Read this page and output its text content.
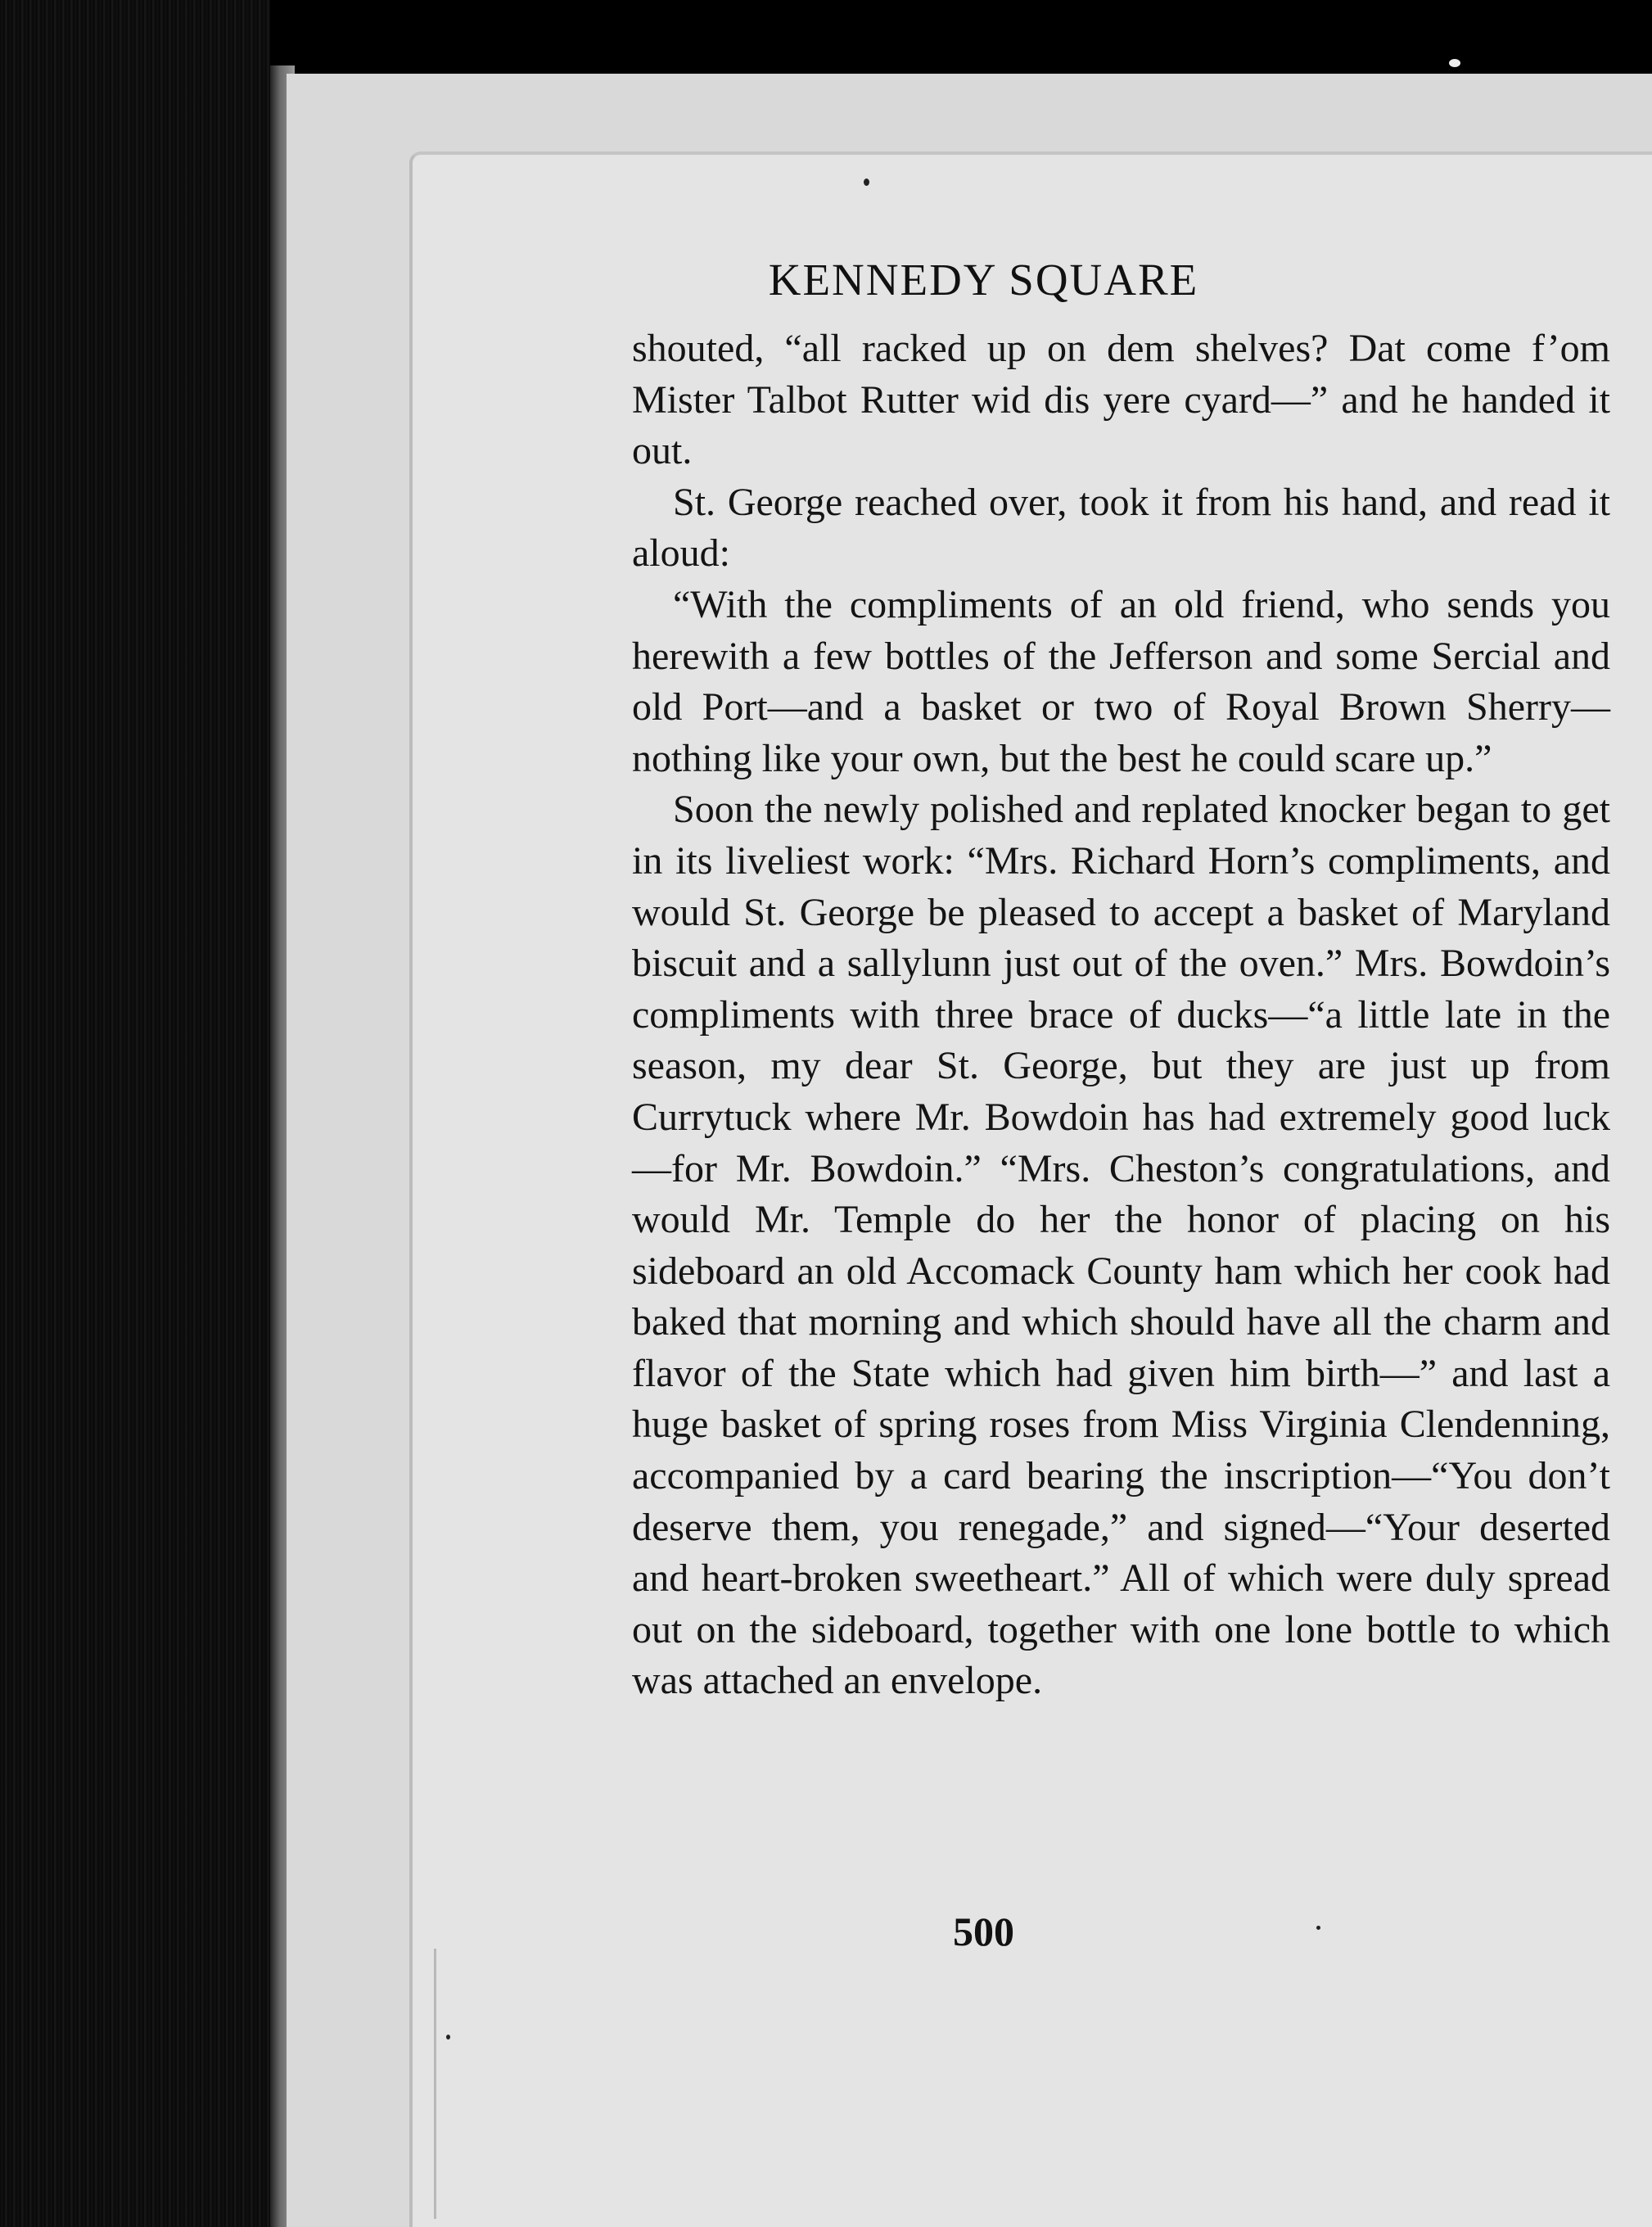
KENNEDY SQUARE

shouted, “all racked up on dem shelves? Dat come f’om Mister Talbot Rutter wid dis yere cyard—” and he handed it out.

St. George reached over, took it from his hand, and read it aloud:

“With the compliments of an old friend, who sends you herewith a few bottles of the Jefferson and some Sercial and old Port—and a basket or two of Royal Brown Sherry—nothing like your own, but the best he could scare up.”

Soon the newly polished and replated knocker began to get in its liveliest work: “Mrs. Richard Horn’s compliments, and would St. George be pleased to accept a basket of Maryland biscuit and a sallylunn just out of the oven.” Mrs. Bowdoin’s compliments with three brace of ducks—“a little late in the season, my dear St. George, but they are just up from Currytuck where Mr. Bowdoin has had extremely good luck —for Mr. Bowdoin.” “Mrs. Cheston’s congratulations, and would Mr. Temple do her the honor of placing on his sideboard an old Accomack County ham which her cook had baked that morning and which should have all the charm and flavor of the State which had given him birth—” and last a huge basket of spring roses from Miss Virginia Clendenning, accompanied by a card bearing the inscription—“You don’t deserve them, you renegade,” and signed—“Your deserted and heart-broken sweetheart.” All of which were duly spread out on the sideboard, together with one lone bottle to which was attached an envelope.

500
